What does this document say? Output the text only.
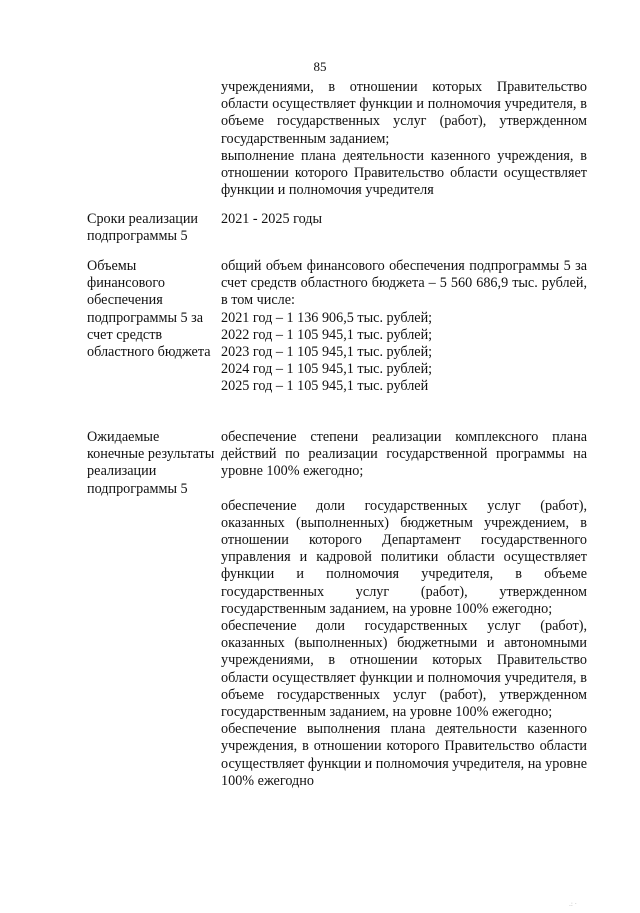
85

учреждениями, в отношении которых Правительство области осуществляет функции и полномочия учредителя, в объеме государственных услуг (работ), утвержденном государственным заданием;

выполнение плана деятельности казенного учреждения, в отношении которого Правительство области осуществляет функции и полномочия учредителя

Сроки реализации подпрограммы 5
2021 - 2025 годы
Объемы финансового обеспечения подпрограммы 5 за счет средств областного бюджета

общий объем финансового обеспечения подпрограммы 5 за счет средств областного бюджета – 5 560 686,9 тыс. рублей, в том числе:

2021 год – 1 136 906,5 тыс. рублей;
2022 год – 1 105 945,1 тыс. рублей;
2023 год – 1 105 945,1 тыс. рублей;
2024 год – 1 105 945,1 тыс. рублей;
2025 год – 1 105 945,1 тыс. рублей
Ожидаемые конечные результаты реализации подпрограммы 5

обеспечение степени реализации комплексного плана действий по реализации государственной программы на уровне 100% ежегодно;

обеспечение доли государственных услуг (работ), оказанных (выполненных) бюджетным учреждением, в отношении которого Департамент государственного управления и кадровой политики области осуществляет функции и полномочия учредителя, в объеме государственных услуг (работ), утвержденном государственным заданием, на уровне 100% ежегодно;

обеспечение доли государственных услуг (работ), оказанных (выполненных) бюджетными и автономными учреждениями, в отношении которых Правительство области осуществляет функции и полномочия учредителя, в объеме государственных услуг (работ), утвержденном государственным заданием, на уровне 100% ежегодно;

обеспечение выполнения плана деятельности казенного учреждения, в отношении которого Правительство области осуществляет функции и полномочия учредителя, на уровне 100% ежегодно

.: ·
